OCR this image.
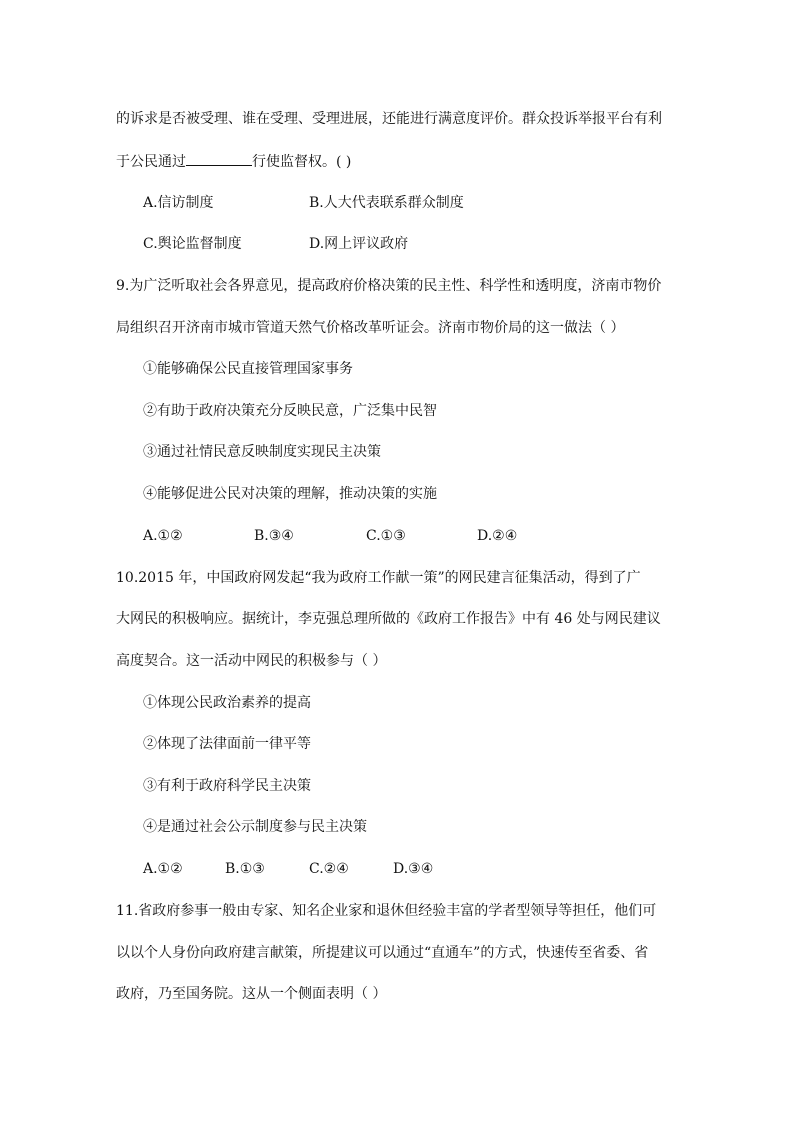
的诉求是否被受理、谁在受理、受理进展，还能进行满意度评价。群众投诉举报平台有利
于公民通过	行使监督权。( )
A.信访制度	B.人大代表联系群众制度
C.舆论监督制度	D.网上评议政府
9.为广泛听取社会各界意见，提高政府价格决策的民主性、科学性和透明度，济南市物价
局组织召开济南市城市管道天然气价格改革听证会。济南市物价局的这一做法（ ）
①能够确保公民直接管理国家事务
②有助于政府决策充分反映民意，广泛集中民智
③通过社情民意反映制度实现民主决策
④能够促进公民对决策的理解，推动决策的实施
A.①②	B.③④	C.①③	D.②④
10.2015 年，中国政府网发起“我为政府工作献一策”的网民建言征集活动，得到了广
大网民的积极响应。据统计，李克强总理所做的《政府工作报告》中有 46 处与网民建议
高度契合。这一活动中网民的积极参与（ ）
①体现公民政治素养的提高
②体现了法律面前一律平等
③有利于政府科学民主决策
④是通过社会公示制度参与民主决策
A.①②	B.①③	C.②④	D.③④
11.省政府参事一般由专家、知名企业家和退休但经验丰富的学者型领导等担任，他们可
以以个人身份向政府建言献策，所提建议可以通过“直通车”的方式，快速传至省委、省
政府，乃至国务院。这从一个侧面表明（ ）
